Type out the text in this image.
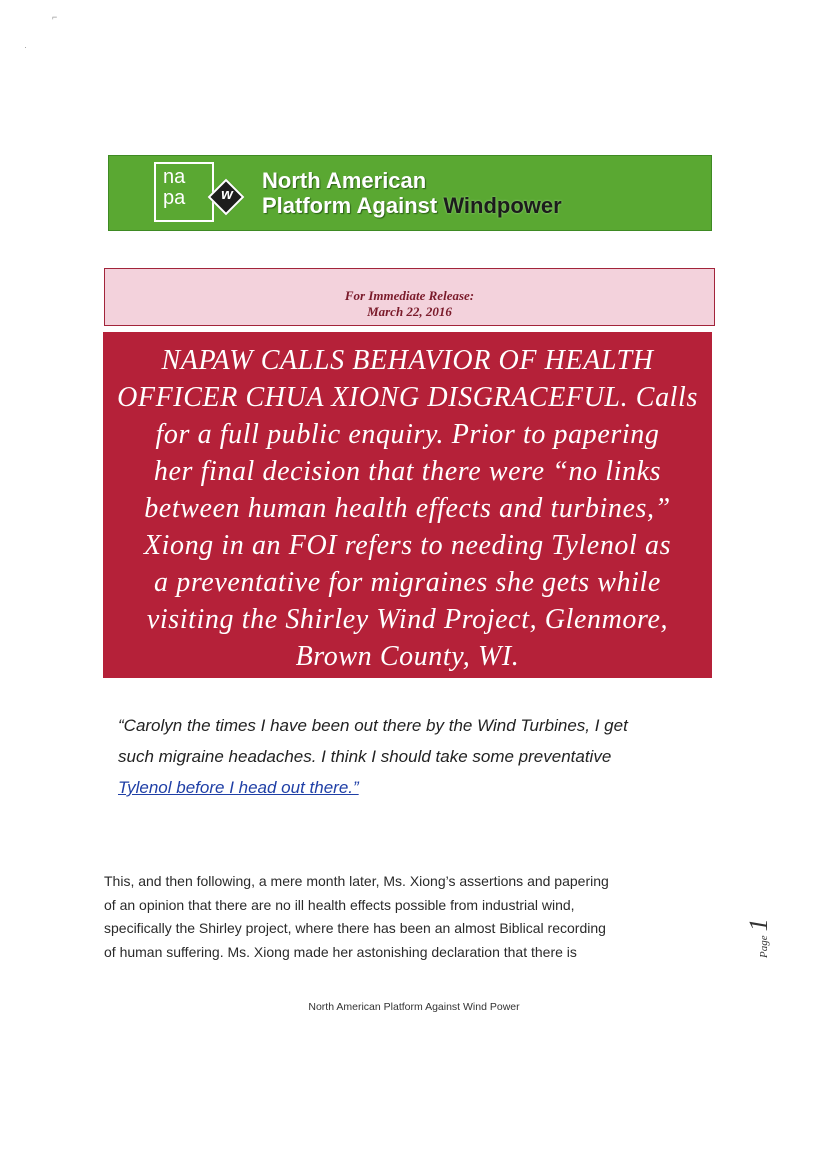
⌐
·
na
pa	w
North American
Platform Against Windpower
For Immediate Release:
March 22, 2016
NAPAW CALLS BEHAVIOR OF HEALTH
OFFICER CHUA XIONG DISGRACEFUL. Calls
for a full public enquiry. Prior to papering
her final decision that there were “no links
between human health effects and turbines,”
Xiong in an FOI refers to needing Tylenol as
a preventative for migraines she gets while
visiting the Shirley Wind Project, Glenmore,
Brown County, WI.
“Carolyn the times I have been out there by the Wind Turbines, I get
such migraine headaches. I think I should take some preventative
Tylenol before I head out there.”
This, and then following, a mere month later, Ms. Xiong’s assertions and papering
of an opinion that there are no ill health effects possible from industrial wind,
specifically the Shirley project, where there has been an almost Biblical recording
of human suffering. Ms. Xiong made her astonishing declaration that there is	Page 1
North American Platform Against Wind Power
